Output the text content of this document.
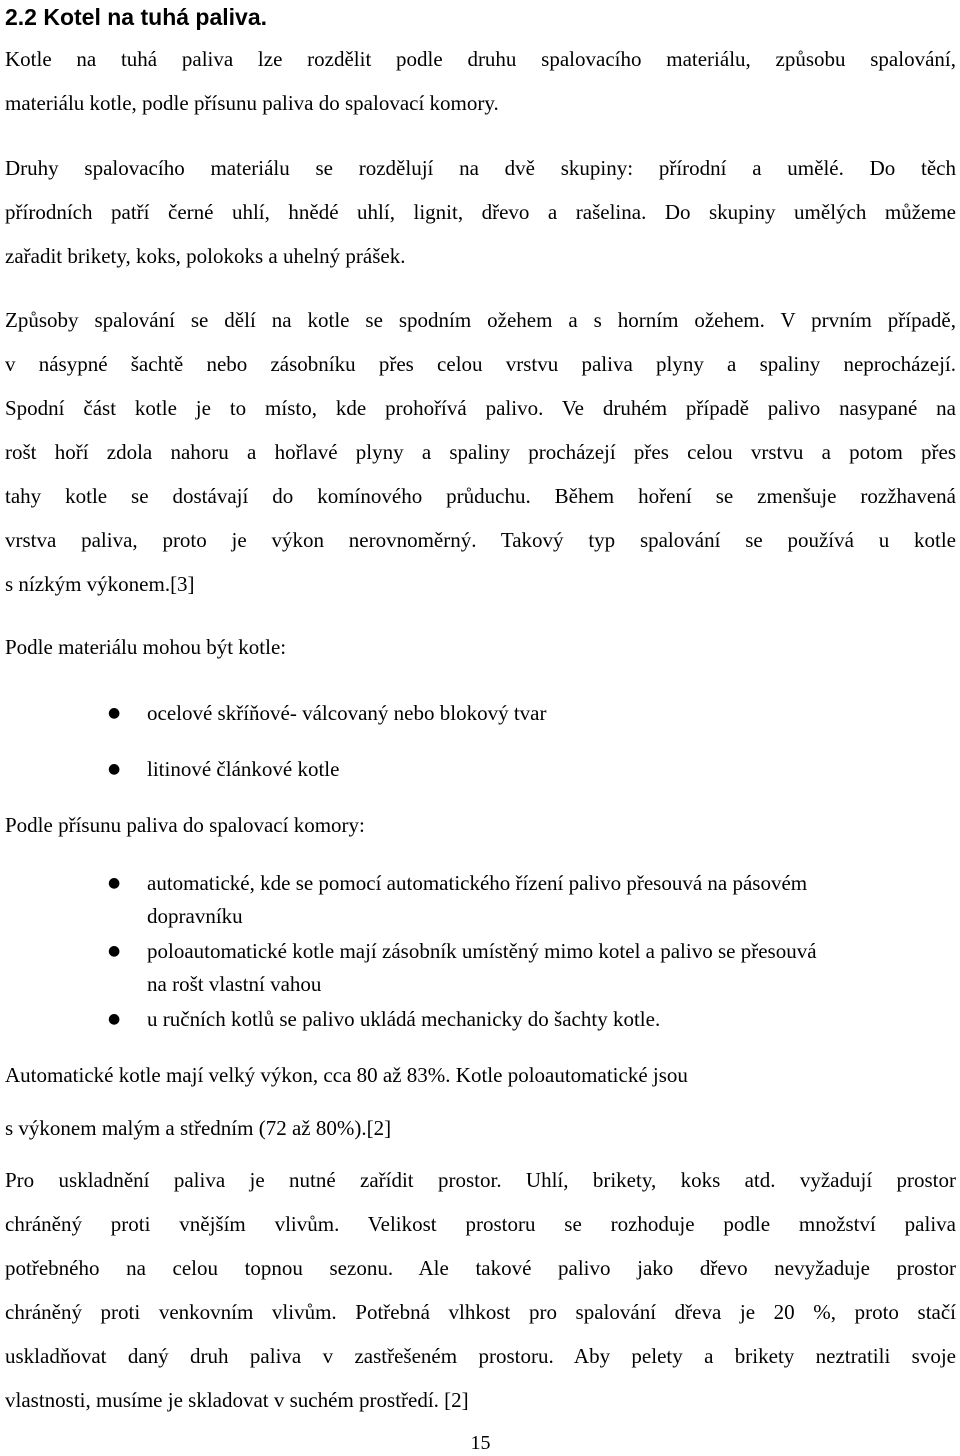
2.2 Kotel na tuhá paliva.
Kotle na tuhá paliva lze rozdělit podle druhu spalovacího materiálu, způsobu spalování,
materiálu kotle, podle přísunu paliva do spalovací komory.
Druhy spalovacího materiálu se rozdělují na dvě skupiny: přírodní a umělé. Do těch
přírodních patří černé uhlí, hnědé uhlí, lignit, dřevo a rašelina. Do skupiny umělých můžeme
zařadit brikety, koks, polokoks a uhelný prášek.
Způsoby spalování se dělí na kotle se spodním ožehem a s horním ožehem. V prvním případě,
v násypné šachtě nebo zásobníku přes celou vrstvu paliva plyny a spaliny neprocházejí.
Spodní část kotle je to místo, kde prohořívá palivo. Ve druhém případě palivo nasypané na
rošt hoří zdola nahoru a hořlavé plyny a spaliny procházejí přes celou vrstvu a potom přes
tahy kotle se dostávají do komínového průduchu. Během hoření se zmenšuje rozžhavená
vrstva paliva, proto je výkon nerovnoměrný. Takový typ spalování se používá u kotle
s nízkým výkonem.[3]
Podle materiálu mohou být kotle:
● ocelové skříňové- válcovaný nebo blokový tvar
● litinové článkové kotle
Podle přísunu paliva do spalovací komory:
● automatické, kde se pomocí automatického řízení palivo přesouvá na pásovém
dopravníku
● poloautomatické kotle mají zásobník umístěný mimo kotel a palivo se přesouvá
na rošt vlastní vahou
● u ručních kotlů se palivo ukládá mechanicky do šachty kotle.
Automatické kotle mají velký výkon, cca 80 až 83%. Kotle poloautomatické jsou
s výkonem malým a středním (72 až 80%).[2]
Pro uskladnění paliva je nutné zařídit prostor. Uhlí, brikety, koks atd. vyžadují prostor
chráněný proti vnějším vlivům. Velikost prostoru se rozhoduje podle množství paliva
potřebného na celou topnou sezonu. Ale takové palivo jako dřevo nevyžaduje prostor
chráněný proti venkovním vlivům. Potřebná vlhkost pro spalování dřeva je 20 %, proto stačí
uskladňovat daný druh paliva v zastřešeném prostoru. Aby pelety a brikety neztratili svoje
vlastnosti, musíme je skladovat v suchém prostředí. [2]
15
